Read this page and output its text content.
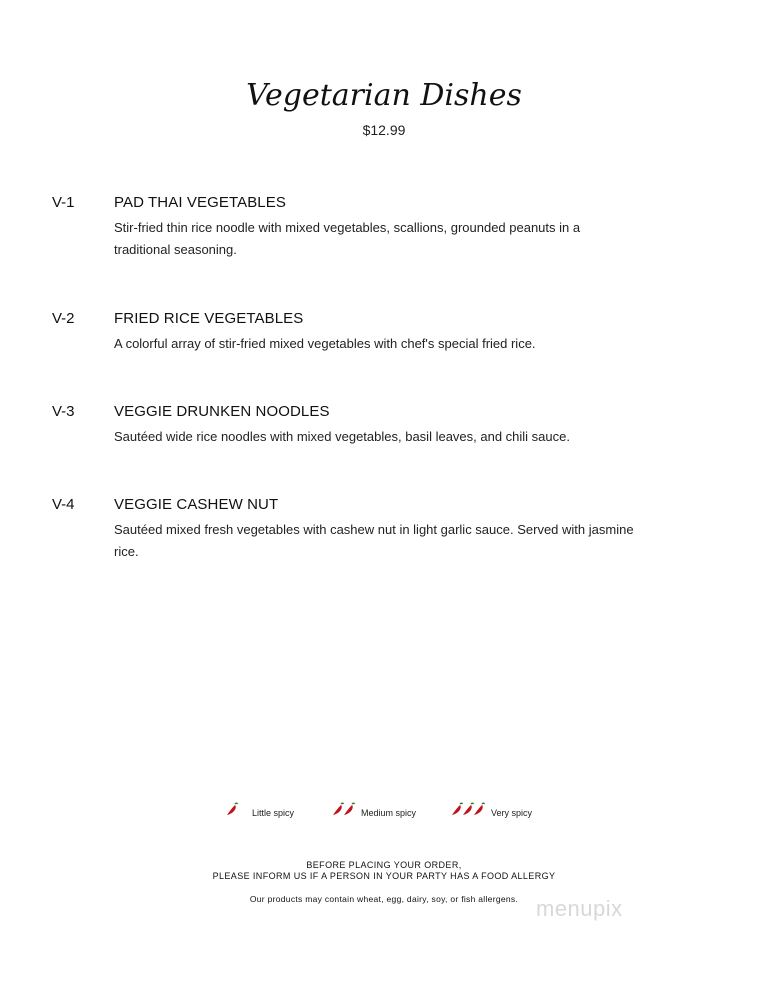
Vegetarian Dishes
$12.99
V-1	PAD THAI VEGETABLES
Stir-fried thin rice noodle with mixed vegetables, scallions, grounded peanuts in a traditional seasoning.
V-2	FRIED RICE VEGETABLES
A colorful array of stir-fried mixed vegetables with chef's special fried rice.
V-3	VEGGIE DRUNKEN NOODLES
Sautéed wide rice noodles with mixed vegetables, basil leaves, and chili sauce.
V-4	VEGGIE CASHEW NUT
Sautéed mixed fresh vegetables with cashew nut in light garlic sauce. Served with jasmine rice.
Little spicy	Medium spicy	Very spicy
BEFORE PLACING YOUR ORDER,
PLEASE INFORM US IF A PERSON IN YOUR PARTY HAS A FOOD ALLERGY
Our products may contain wheat, egg, dairy, soy, or fish allergens. menupix
